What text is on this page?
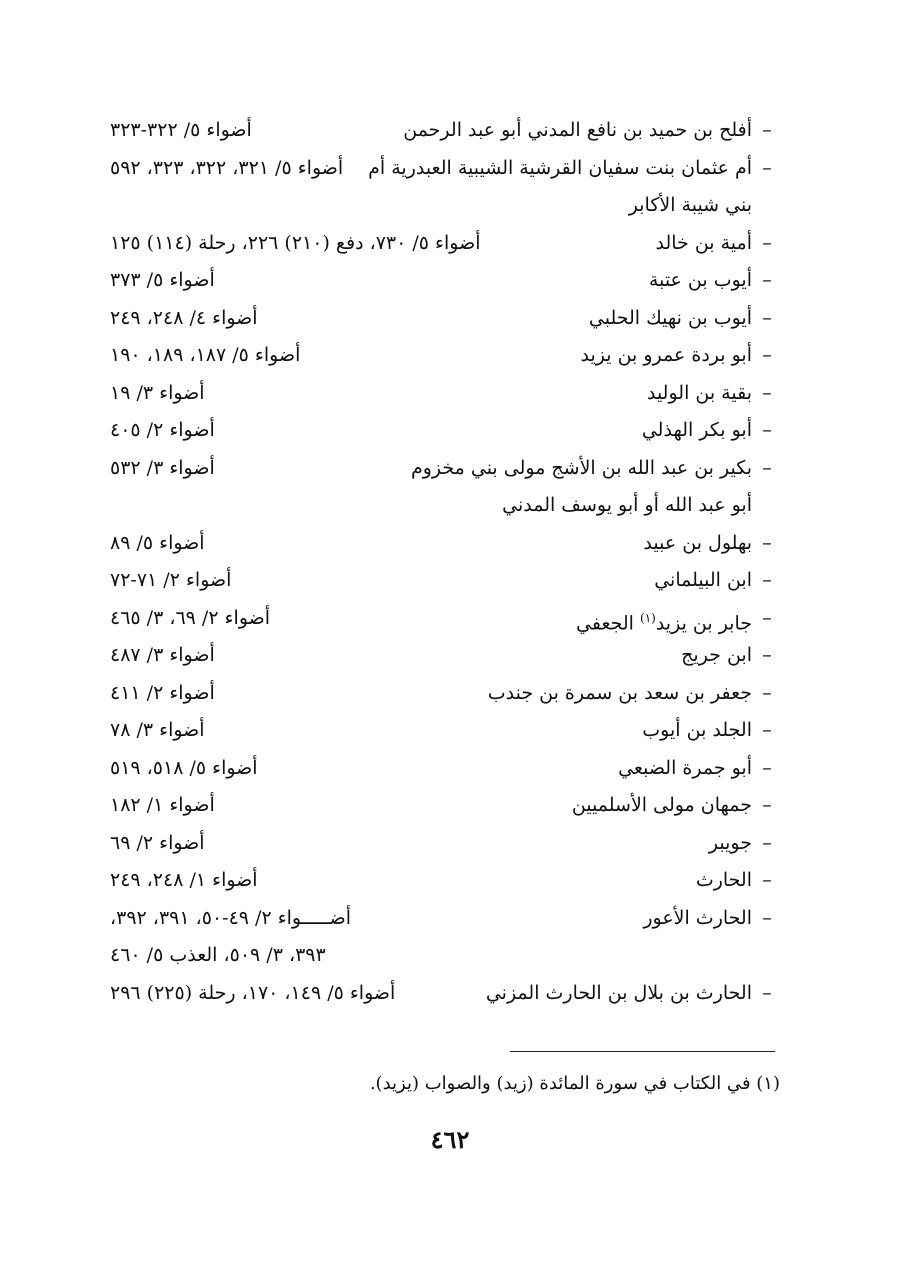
–
أفلح بن حميد بن نافع المدني أبو عبد الرحمن
أضواء ٥/ ٣٢٢-٣٢٣
–
أم عثمان بنت سفيان القرشية الشيبية العبدرية أم
أضواء ٥/ ٣٢١، ٣٢٢، ٣٢٣، ٥٩٢
بني شيبة الأكابر
–
أمية بن خالد
أضواء ٥/ ٧٣٠، دفع (٢١٠) ٢٢٦، رحلة (١١٤) ١٢٥
–
أيوب بن عتبة
أضواء ٥/ ٣٧٣
–
أيوب بن نهيك الحلبي
أضواء ٤/ ٢٤٨، ٢٤٩
–
أبو بردة عمرو بن يزيد
أضواء ٥/ ١٨٧، ١٨٩، ١٩٠
–
بقية بن الوليد
أضواء ٣/ ١٩
–
أبو بكر الهذلي
أضواء ٢/ ٤٠٥
–
بكير بن عبد الله بن الأشج مولى بني مخزوم
أضواء ٣/ ٥٣٢
أبو عبد الله أو أبو يوسف المدني
–
بهلول بن عبيد
أضواء ٥/ ٨٩
–
ابن البيلماني
أضواء ٢/ ٧١-٧٢
–
جابر بن يزيد$^{(١)}$ الجعفي
أضواء ٢/ ٦٩، ٣/ ٤٦٥
–
ابن جريج
أضواء ٣/ ٤٨٧
–
جعفر بن سعد بن سمرة بن جندب
أضواء ٢/ ٤١١
–
الجلد بن أيوب
أضواء ٣/ ٧٨
–
أبو جمرة الضبعي
أضواء ٥/ ٥١٨، ٥١٩
–
جمهان مولى الأسلميين
أضواء ١/ ١٨٢
–
جويبر
أضواء ٢/ ٦٩
–
الحارث
أضواء ١/ ٢٤٨، ٢٤٩
–
الحارث الأعور
أضـــــواء ٢/ ٤٩-٥٠، ٣٩١، ٣٩٢،
٣٩٣، ٣/ ٥٠٩، العذب ٥/ ٤٦٠
–
الحارث بن بلال بن الحارث المزني
أضواء ٥/ ١٤٩، ١٧٠، رحلة (٢٢٥) ٢٩٦
(١) في الكتاب في سورة المائدة (زيد) والصواب (يزيد).
٤٦٢
